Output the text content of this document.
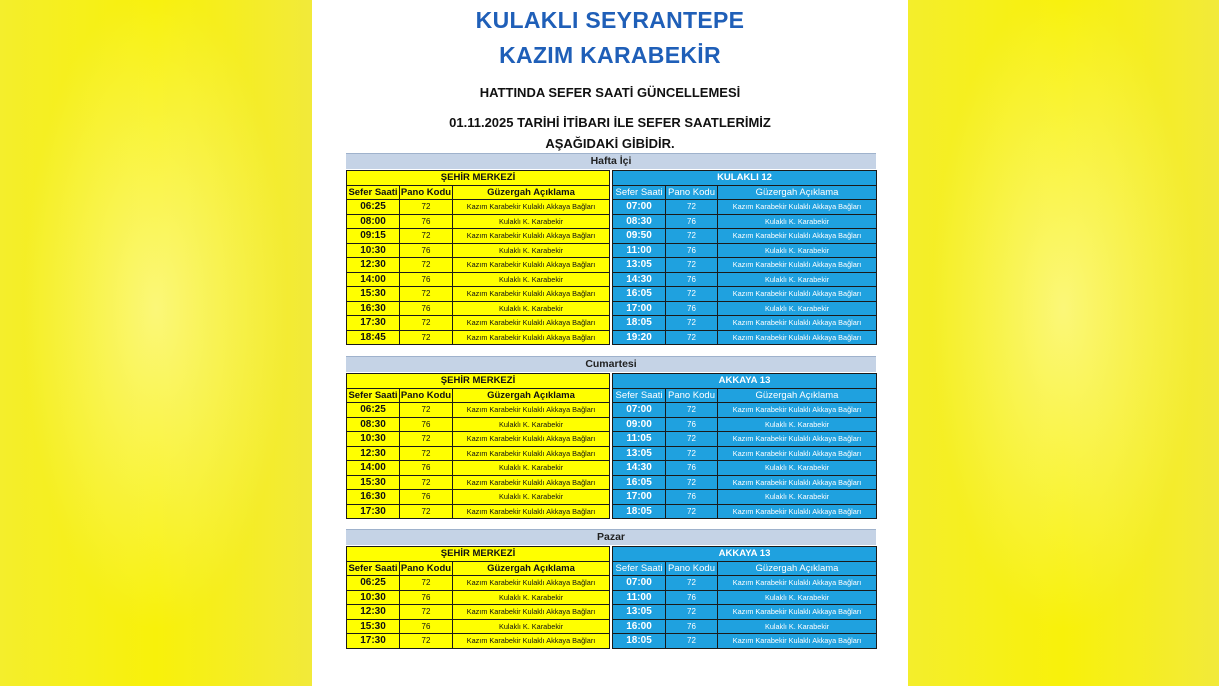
KULAKLI SEYRANTEPE
KAZIM KARABEKİR
HATTINDA SEFER SAATİ GÜNCELLEMESİ
01.11.2025 TARİHİ İTİBARI İLE SEFER SAATLERİMİZ
AŞAĞIDAKİ GİBİDİR.
Hafta İçi
ŞEHİR MERKEZİ		
Sefer Saati	Pano Kodu	Güzergah Açıklama
06:25	72	Kazım Karabekir Kulaklı Akkaya Bağları
08:00	76	Kulaklı K. Karabekir
09:15	72	Kazım Karabekir Kulaklı Akkaya Bağları
10:30	76	Kulaklı K. Karabekir
12:30	72	Kazım Karabekir Kulaklı Akkaya Bağları
14:00	76	Kulaklı K. Karabekir
15:30	72	Kazım Karabekir Kulaklı Akkaya Bağları
16:30	76	Kulaklı K. Karabekir
17:30	72	Kazım Karabekir Kulaklı Akkaya Bağları
18:45	72	Kazım Karabekir Kulaklı Akkaya Bağları
KULAKLI 12		
Sefer Saati	Pano Kodu	Güzergah Açıklama
07:00	72	Kazım Karabekir Kulaklı Akkaya Bağları
08:30	76	Kulaklı K. Karabekir
09:50	72	Kazım Karabekir Kulaklı Akkaya Bağları
11:00	76	Kulaklı K. Karabekir
13:05	72	Kazım Karabekir Kulaklı Akkaya Bağları
14:30	76	Kulaklı K. Karabekir
16:05	72	Kazım Karabekir Kulaklı Akkaya Bağları
17:00	76	Kulaklı K. Karabekir
18:05	72	Kazım Karabekir Kulaklı Akkaya Bağları
19:20	72	Kazım Karabekir Kulaklı Akkaya Bağları
Cumartesi
ŞEHİR MERKEZİ		
Sefer Saati	Pano Kodu	Güzergah Açıklama
06:25	72	Kazım Karabekir Kulaklı Akkaya Bağları
08:30	76	Kulaklı K. Karabekir
10:30	72	Kazım Karabekir Kulaklı Akkaya Bağları
12:30	72	Kazım Karabekir Kulaklı Akkaya Bağları
14:00	76	Kulaklı K. Karabekir
15:30	72	Kazım Karabekir Kulaklı Akkaya Bağları
16:30	76	Kulaklı K. Karabekir
17:30	72	Kazım Karabekir Kulaklı Akkaya Bağları
AKKAYA 13		
Sefer Saati	Pano Kodu	Güzergah Açıklama
07:00	72	Kazım Karabekir Kulaklı Akkaya Bağları
09:00	76	Kulaklı K. Karabekir
11:05	72	Kazım Karabekir Kulaklı Akkaya Bağları
13:05	72	Kazım Karabekir Kulaklı Akkaya Bağları
14:30	76	Kulaklı K. Karabekir
16:05	72	Kazım Karabekir Kulaklı Akkaya Bağları
17:00	76	Kulaklı K. Karabekir
18:05	72	Kazım Karabekir Kulaklı Akkaya Bağları
Pazar
ŞEHİR MERKEZİ		
Sefer Saati	Pano Kodu	Güzergah Açıklama
06:25	72	Kazım Karabekir Kulaklı Akkaya Bağları
10:30	76	Kulaklı K. Karabekir
12:30	72	Kazım Karabekir Kulaklı Akkaya Bağları
15:30	76	Kulaklı K. Karabekir
17:30	72	Kazım Karabekir Kulaklı Akkaya Bağları
AKKAYA 13		
Sefer Saati	Pano Kodu	Güzergah Açıklama
07:00	72	Kazım Karabekir Kulaklı Akkaya Bağları
11:00	76	Kulaklı K. Karabekir
13:05	72	Kazım Karabekir Kulaklı Akkaya Bağları
16:00	76	Kulaklı K. Karabekir
18:05	72	Kazım Karabekir Kulaklı Akkaya Bağları
